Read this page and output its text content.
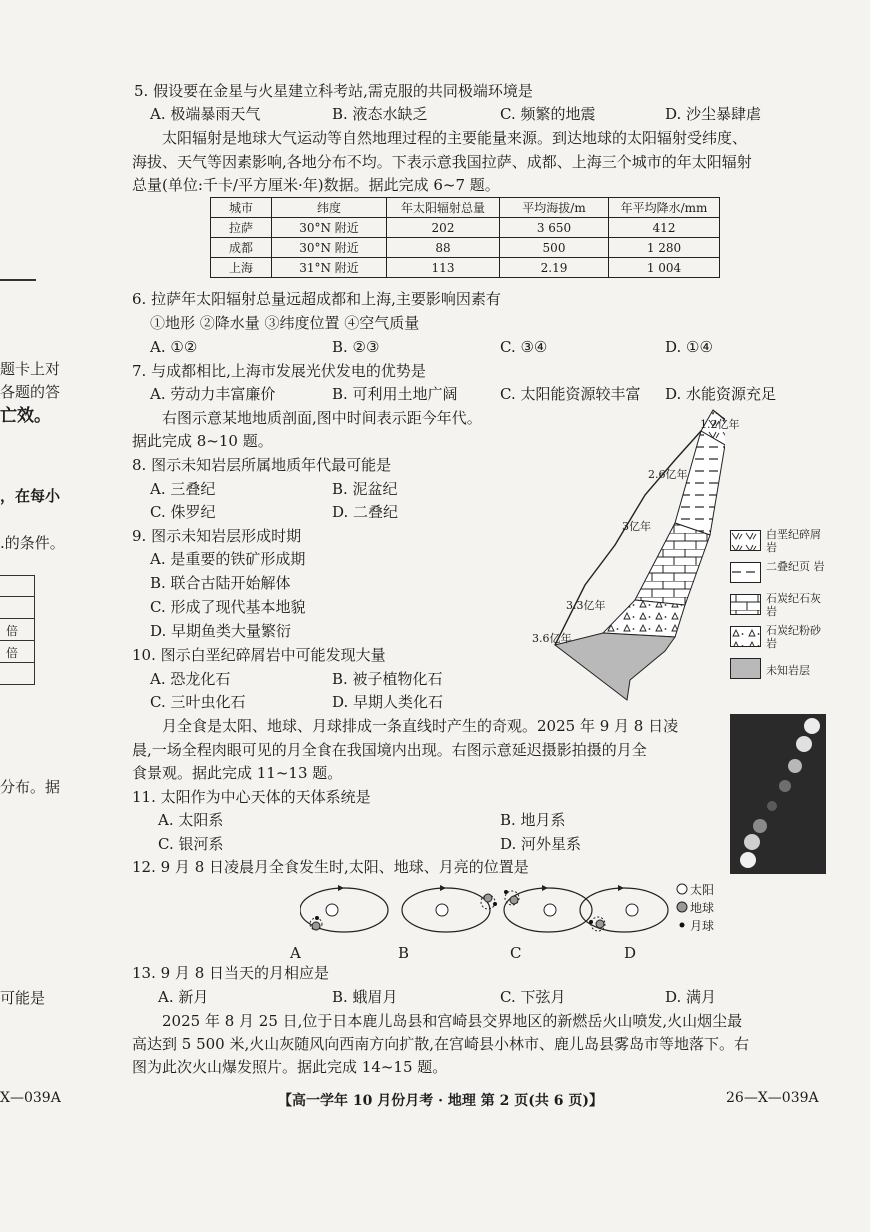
题卡上对
各题的答
亡效。
，在每小
.的条件。
倍
倍
分布。据
可能是
X—039A
5. 假设要在金星与火星建立科考站,需克服的共同极端环境是
A. 极端暴雨天气	B. 液态水缺乏	C. 频繁的地震	D. 沙尘暴肆虐
太阳辐射是地球大气运动等自然地理过程的主要能量来源。到达地球的太阳辐射受纬度、
海拔、天气等因素影响,各地分布不均。下表示意我国拉萨、成都、上海三个城市的年太阳辐射
总量(单位:千卡/平方厘米·年)数据。据此完成 6~7 题。
城市	纬度	年太阳辐射总量	平均海拔/m	年平均降水/mm
拉萨	30°N 附近	202	3 650	412
成都	30°N 附近	88	500	1 280
上海	31°N 附近	113	2.19	1 004
6. 拉萨年太阳辐射总量远超成都和上海,主要影响因素有
①地形 ②降水量 ③纬度位置 ④空气质量
A. ①②	B. ②③	C. ③④	D. ①④
7. 与成都相比,上海市发展光伏发电的优势是
A. 劳动力丰富廉价	B. 可利用土地广阔	C. 太阳能资源较丰富 D. 水能资源充足
右图示意某地地质剖面,图中时间表示距今年代。
据此完成 8~10 题。
8. 图示未知岩层所属地质年代最可能是
A. 三叠纪	B. 泥盆纪
C. 侏罗纪	D. 二叠纪
9. 图示未知岩层形成时期
A. 是重要的铁矿形成期
B. 联合古陆开始解体
C. 形成了现代基本地貌
D. 早期鱼类大量繁衍
10. 图示白垩纪碎屑岩中可能发现大量
A. 恐龙化石	B. 被子植物化石
C. 三叶虫化石	D. 早期人类化石
1.2亿年
2.6亿年
3亿年
3.3亿年
3.6亿年
白垩纪碎屑岩
二叠纪页 岩
石炭纪石灰岩
石炭纪粉砂岩
未知岩层
月全食是太阳、地球、月球排成一条直线时产生的奇观。2025 年 9 月 8 日凌
晨,一场全程肉眼可见的月全食在我国境内出现。右图示意延迟摄影拍摄的月全
食景观。据此完成 11~13 题。
11. 太阳作为中心天体的天体系统是
A. 太阳系	B. 地月系
C. 银河系	D. 河外星系
12. 9 月 8 日凌晨月全食发生时,太阳、地球、月亮的位置是
A	B	C	D
太阳
地球
月球
13. 9 月 8 日当天的月相应是
A. 新月	B. 蛾眉月	C. 下弦月	D. 满月
2025 年 8 月 25 日,位于日本鹿儿岛县和宫崎县交界地区的新燃岳火山喷发,火山烟尘最
高达到 5 500 米,火山灰随风向西南方向扩散,在宫崎县小林市、鹿儿岛县雾岛市等地落下。右
图为此次火山爆发照片。据此完成 14~15 题。
【高一学年 10 月份月考 · 地理 第 2 页(共 6 页)】	26—X—039A
